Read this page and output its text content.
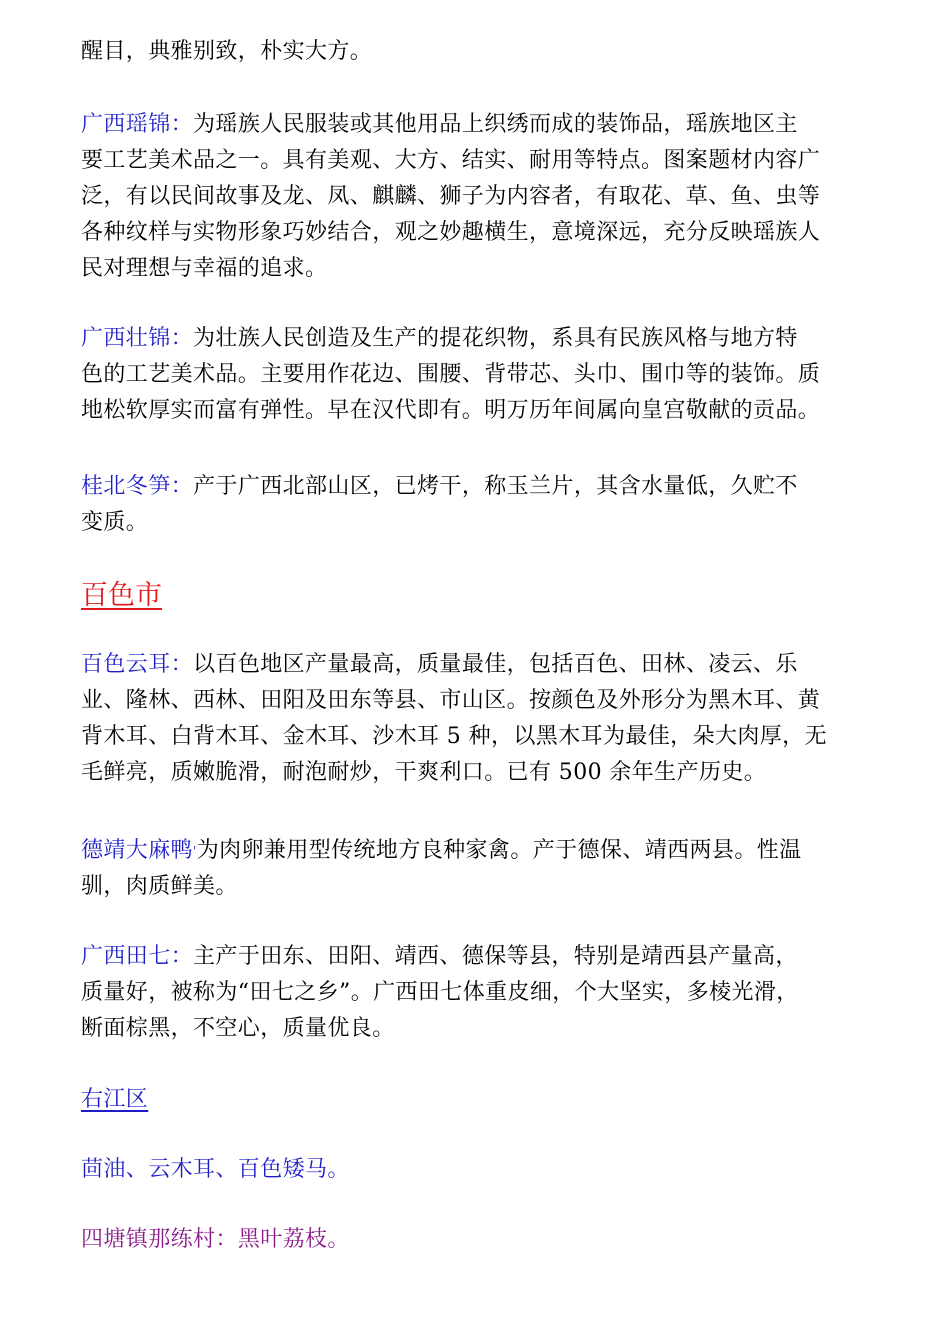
醒目，典雅别致，朴实大方。
广西瑶锦：为瑶族人民服装或其他用品上织绣而成的装饰品，瑶族地区主
要工艺美术品之一。具有美观、大方、结实、耐用等特点。图案题材内容广
泛，有以民间故事及龙、凤、麒麟、狮子为内容者，有取花、草、鱼、虫等
各种纹样与实物形象巧妙结合，观之妙趣横生，意境深远，充分反映瑶族人
民对理想与幸福的追求。
广西壮锦：为壮族人民创造及生产的提花织物，系具有民族风格与地方特
色的工艺美术品。主要用作花边、围腰、背带芯、头巾、围巾等的装饰。质
地松软厚实而富有弹性。早在汉代即有。明万历年间属向皇宫敬献的贡品。
桂北冬笋：产于广西北部山区，已烤干，称玉兰片，其含水量低，久贮不
变质。
百色市
百色云耳：以百色地区产量最高，质量最佳，包括百色、田林、凌云、乐
业、隆林、西林、田阳及田东等县、市山区。按颜色及外形分为黑木耳、黄
背木耳、白背木耳、金木耳、沙木耳 5 种，以黑木耳为最佳，朵大肉厚，无
毛鲜亮，质嫩脆滑，耐泡耐炒，干爽利口。已有 500 余年生产历史。
德靖大麻鸭'为肉卵兼用型传统地方良种家禽。产于德保、靖西两县。性温
驯，肉质鲜美。
广西田七：主产于田东、田阳、靖西、德保等县，特别是靖西县产量高，
质量好，被称为“田七之乡”。广西田七体重皮细，个大坚实，多棱光滑，
断面棕黑，不空心，质量优良。
右江区
茴油、云木耳、百色矮马。
四塘镇那练村：黑叶荔枝。
